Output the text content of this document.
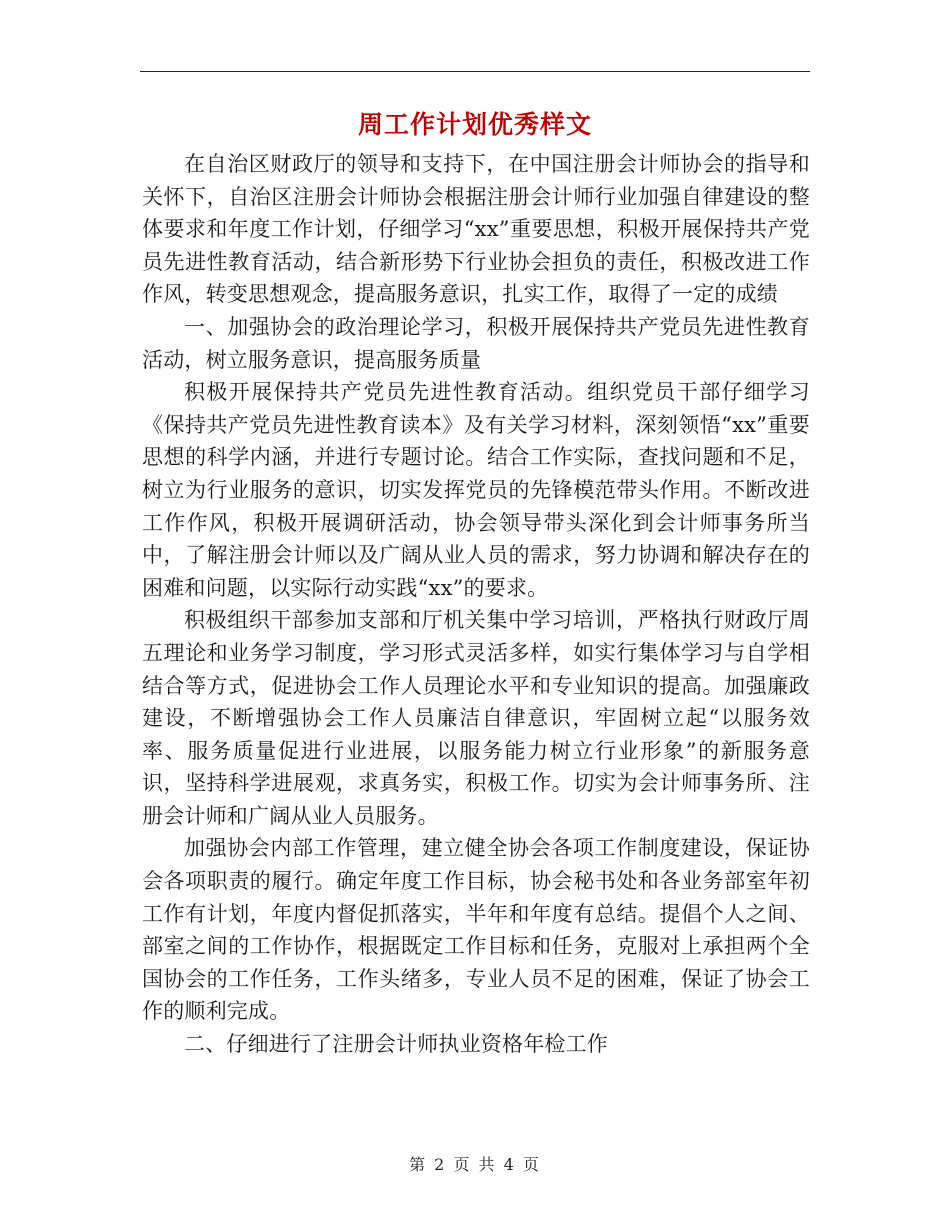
周工作计划优秀样文

在自治区财政厅的领导和支持下，在中国注册会计师协会的指导和关怀下，自治区注册会计师协会根据注册会计师行业加强自律建设的整体要求和年度工作计划，仔细学习“xx”重要思想，积极开展保持共产党员先进性教育活动，结合新形势下行业协会担负的责任，积极改进工作作风，转变思想观念，提高服务意识，扎实工作，取得了一定的成绩

一、加强协会的政治理论学习，积极开展保持共产党员先进性教育活动，树立服务意识，提高服务质量

积极开展保持共产党员先进性教育活动。组织党员干部仔细学习《保持共产党员先进性教育读本》及有关学习材料，深刻领悟“xx”重要思想的科学内涵，并进行专题讨论。结合工作实际，查找问题和不足，树立为行业服务的意识，切实发挥党员的先锋模范带头作用。不断改进工作作风，积极开展调研活动，协会领导带头深化到会计师事务所当中，了解注册会计师以及广阔从业人员的需求，努力协调和解决存在的困难和问题，以实际行动实践“xx”的要求。

积极组织干部参加支部和厅机关集中学习培训，严格执行财政厅周五理论和业务学习制度，学习形式灵活多样，如实行集体学习与自学相结合等方式，促进协会工作人员理论水平和专业知识的提高。加强廉政建设，不断增强协会工作人员廉洁自律意识，牢固树立起“以服务效率、服务质量促进行业进展，以服务能力树立行业形象”的新服务意识，坚持科学进展观，求真务实，积极工作。切实为会计师事务所、注册会计师和广阔从业人员服务。

加强协会内部工作管理，建立健全协会各项工作制度建设，保证协会各项职责的履行。确定年度工作目标，协会秘书处和各业务部室年初工作有计划，年度内督促抓落实，半年和年度有总结。提倡个人之间、部室之间的工作协作，根据既定工作目标和任务，克服对上承担两个全国协会的工作任务，工作头绪多，专业人员不足的困难，保证了协会工作的顺利完成。

二、仔细进行了注册会计师执业资格年检工作

第 2 页 共 4 页
